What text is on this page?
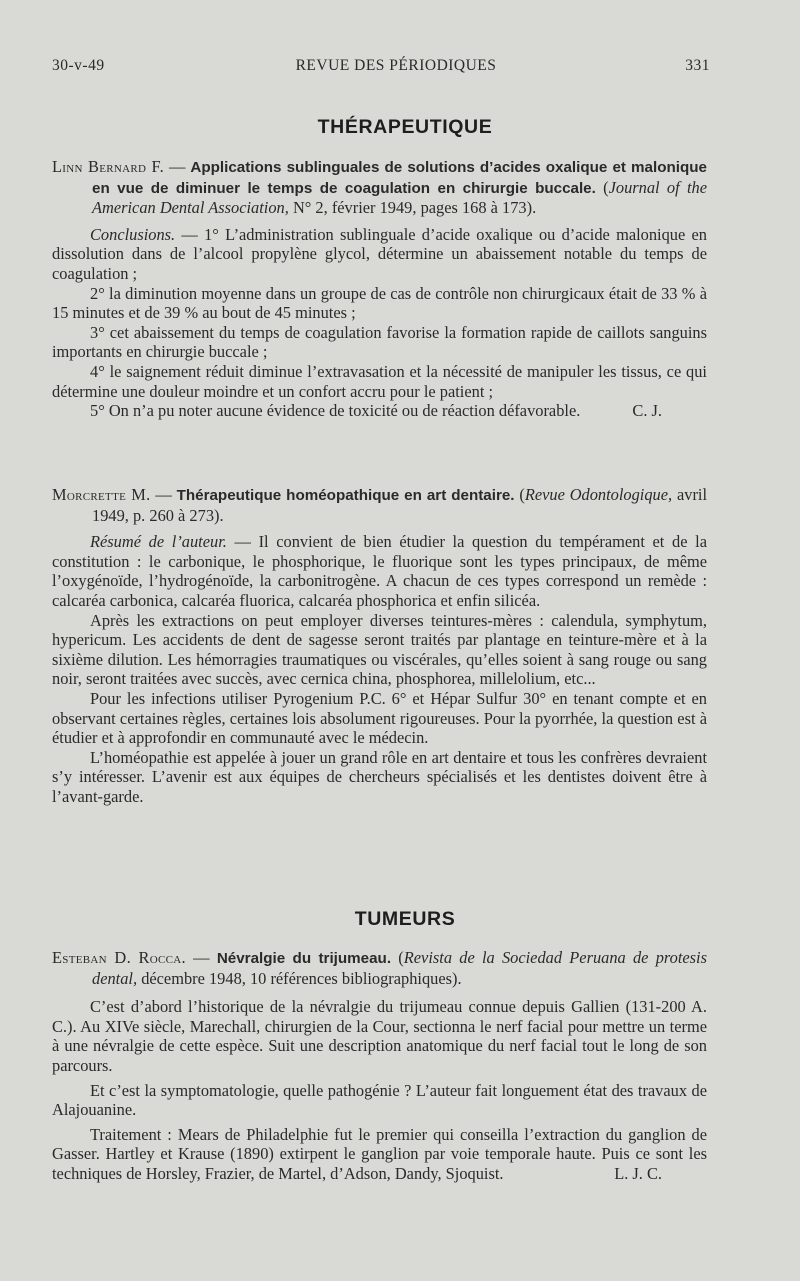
30-v-49	REVUE DES PÉRIODIQUES	331
THÉRAPEUTIQUE

Linn Bernard F. — Applications sublinguales de solutions d’acides oxalique et malonique en vue de diminuer le temps de coagulation en chirurgie buccale. (Journal of the American Dental Association, N° 2, février 1949, pages 168 à 173).

Conclusions. — 1° L’administration sublinguale d’acide oxalique ou d’acide malonique en dissolution dans de l’alcool propylène glycol, détermine un abaissement notable du temps de coagulation ;

2° la diminution moyenne dans un groupe de cas de contrôle non chirurgicaux était de 33 % à 15 minutes et de 39 % au bout de 45 minutes ;

3° cet abaissement du temps de coagulation favorise la formation rapide de caillots sanguins importants en chirurgie buccale ;

4° le saignement réduit diminue l’extravasation et la nécessité de manipuler les tissus, ce qui détermine une douleur moindre et un confort accru pour le patient ;

5° On n’a pu noter aucune évidence de toxicité ou de réaction défavorable.	C. J.

Morcrette M. — Thérapeutique homéopathique en art dentaire. (Revue Odontologique, avril 1949, p. 260 à 273).

Résumé de l’auteur. — Il convient de bien étudier la question du tempérament et de la constitution : le carbonique, le phosphorique, le fluorique sont les types principaux, de même l’oxygénoïde, l’hydrogénoïde, la carbonitrogène. A chacun de ces types correspond un remède : calcaréa carbonica, calcaréa fluorica, calcaréa phosphorica et enfin silicéa.

Après les extractions on peut employer diverses teintures-mères : calendula, symphytum, hypericum. Les accidents de dent de sagesse seront traités par plantage en teinture-mère et à la sixième dilution. Les hémorragies traumatiques ou viscérales, qu’elles soient à sang rouge ou sang noir, seront traitées avec succès, avec cernica china, phosphorea, millelolium, etc...

Pour les infections utiliser Pyrogenium P.C. 6° et Hépar Sulfur 30° en tenant compte et en observant certaines règles, certaines lois absolument rigoureuses. Pour la pyorrhée, la question est à étudier et à approfondir en communauté avec le médecin.

L’homéopathie est appelée à jouer un grand rôle en art dentaire et tous les confrères devraient s’y intéresser. L’avenir est aux équipes de chercheurs spécialisés et les dentistes doivent être à l’avant-garde.

TUMEURS

Esteban D. Rocca. — Névralgie du trijumeau. (Revista de la Sociedad Peruana de protesis dental, décembre 1948, 10 références bibliographiques).

C’est d’abord l’historique de la névralgie du trijumeau connue depuis Gallien (131-200 A. C.). Au XIVe siècle, Marechall, chirurgien de la Cour, sectionna le nerf facial pour mettre un terme à une névralgie de cette espèce. Suit une description anatomique du nerf facial tout le long de son parcours.

Et c’est la symptomatologie, quelle pathogénie ? L’auteur fait longuement état des travaux de Alajouanine.

Traitement : Mears de Philadelphie fut le premier qui conseilla l’extraction du ganglion de Gasser. Hartley et Krause (1890) extirpent le ganglion par voie temporale haute. Puis ce sont les techniques de Horsley, Frazier, de Martel, d’Adson, Dandy, Sjoquist.	L. J. C.
